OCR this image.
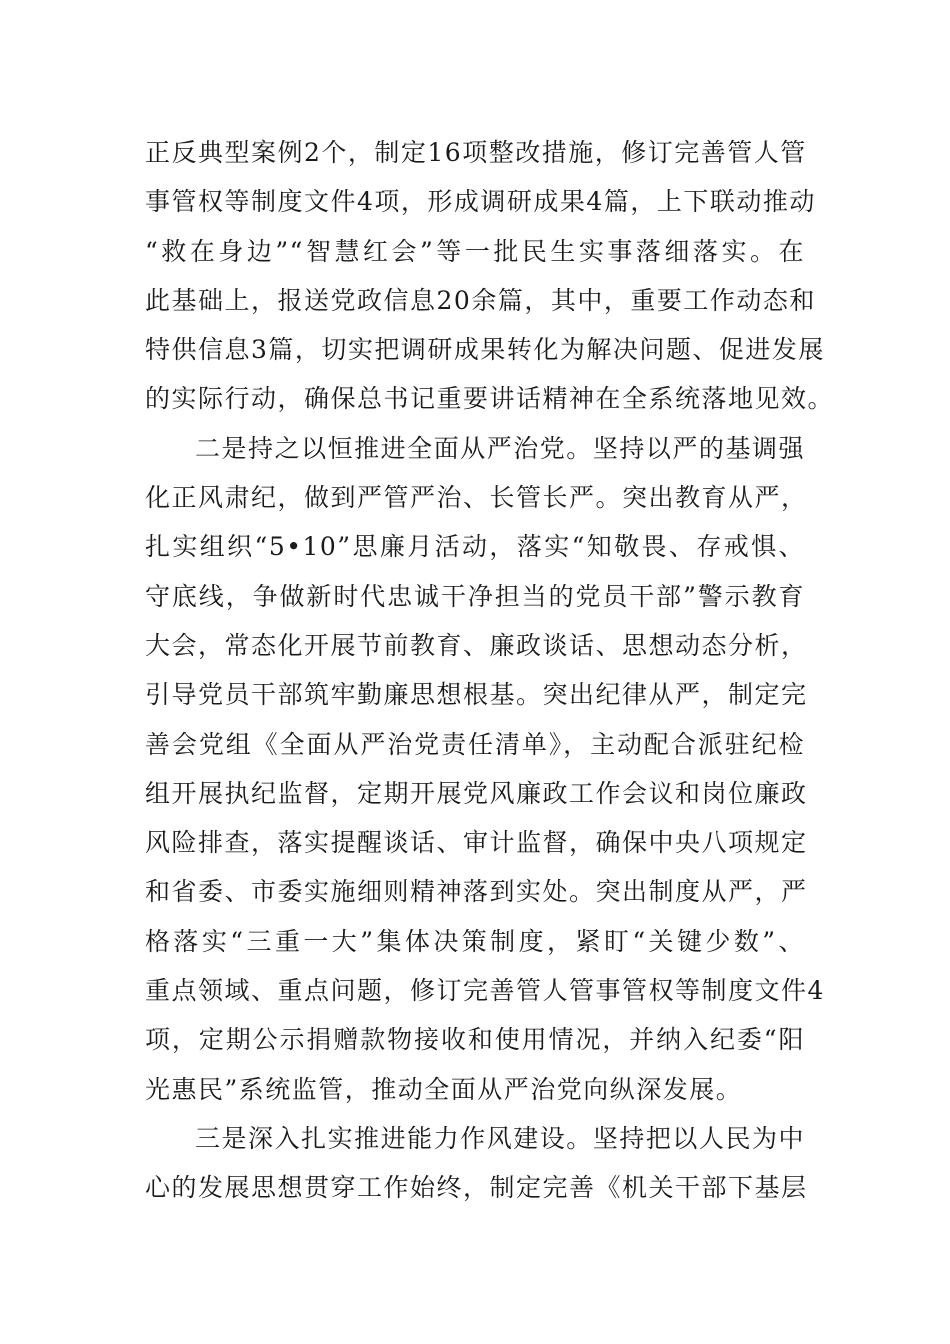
正反典型案例2个，制定16项整改措施，修订完善管人管
事管权等制度文件4项，形成调研成果4篇，上下联动推动
“救在身边”“智慧红会”等一批民生实事落细落实。在
此基础上，报送党政信息20余篇，其中，重要工作动态和
特供信息3篇，切实把调研成果转化为解决问题、促进发展
的实际行动，确保总书记重要讲话精神在全系统落地见效。
二是持之以恒推进全面从严治党。坚持以严的基调强
化正风肃纪，做到严管严治、长管长严。突出教育从严，
扎实组织“5•10”思廉月活动，落实“知敬畏、存戒惧、
守底线，争做新时代忠诚干净担当的党员干部”警示教育
大会，常态化开展节前教育、廉政谈话、思想动态分析，
引导党员干部筑牢勤廉思想根基。突出纪律从严，制定完
善会党组《全面从严治党责任清单》，主动配合派驻纪检
组开展执纪监督，定期开展党风廉政工作会议和岗位廉政
风险排查，落实提醒谈话、审计监督，确保中央八项规定
和省委、市委实施细则精神落到实处。突出制度从严，严
格落实“三重一大”集体决策制度，紧盯“关键少数”、
重点领域、重点问题，修订完善管人管事管权等制度文件4
项，定期公示捐赠款物接收和使用情况，并纳入纪委“阳
光惠民”系统监管，推动全面从严治党向纵深发展。
三是深入扎实推进能力作风建设。坚持把以人民为中
心的发展思想贯穿工作始终，制定完善《机关干部下基层
